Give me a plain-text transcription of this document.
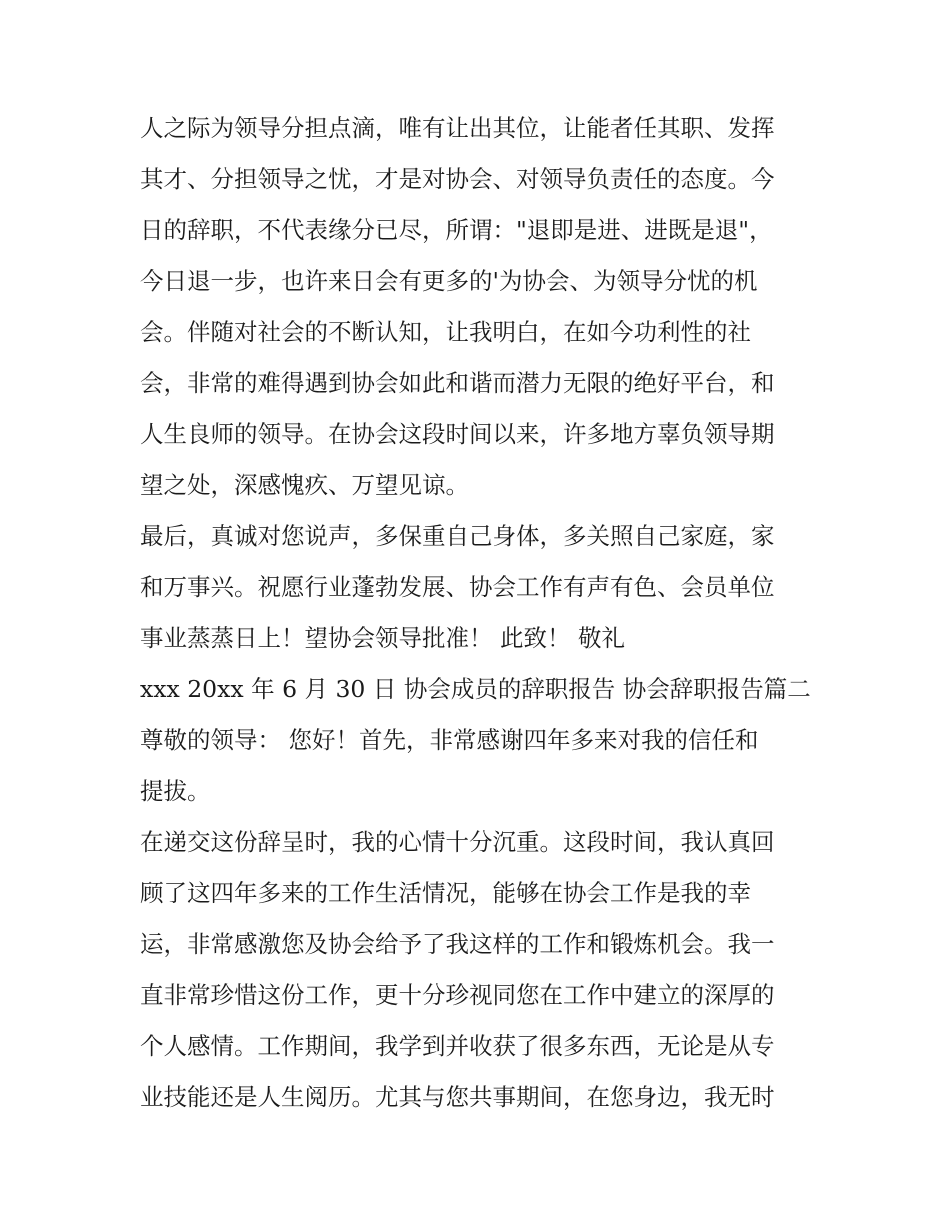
人之际为领导分担点滴，唯有让出其位，让能者任其职、发挥
其才、分担领导之忧，才是对协会、对领导负责任的态度。今
日的辞职，不代表缘分已尽，所谓："退即是进、进既是退"，
今日退一步，也许来日会有更多的'为协会、为领导分忧的机
会。伴随对社会的不断认知，让我明白，在如今功利性的社
会，非常的难得遇到协会如此和谐而潜力无限的绝好平台，和
人生良师的领导。在协会这段时间以来，许多地方辜负领导期
望之处，深感愧疚、万望见谅。
最后，真诚对您说声，多保重自己身体，多关照自己家庭，家
和万事兴。祝愿行业蓬勃发展、协会工作有声有色、会员单位
事业蒸蒸日上！望协会领导批准！ 此致！ 敬礼
xxx 20xx 年 6 月 30 日 协会成员的辞职报告 协会辞职报告篇二
尊敬的领导： 您好！首先，非常感谢四年多来对我的信任和
提拔。
在递交这份辞呈时，我的心情十分沉重。这段时间，我认真回
顾了这四年多来的工作生活情况，能够在协会工作是我的幸
运，非常感激您及协会给予了我这样的工作和锻炼机会。我一
直非常珍惜这份工作，更十分珍视同您在工作中建立的深厚的
个人感情。工作期间，我学到并收获了很多东西，无论是从专
业技能还是人生阅历。尤其与您共事期间，在您身边，我无时
